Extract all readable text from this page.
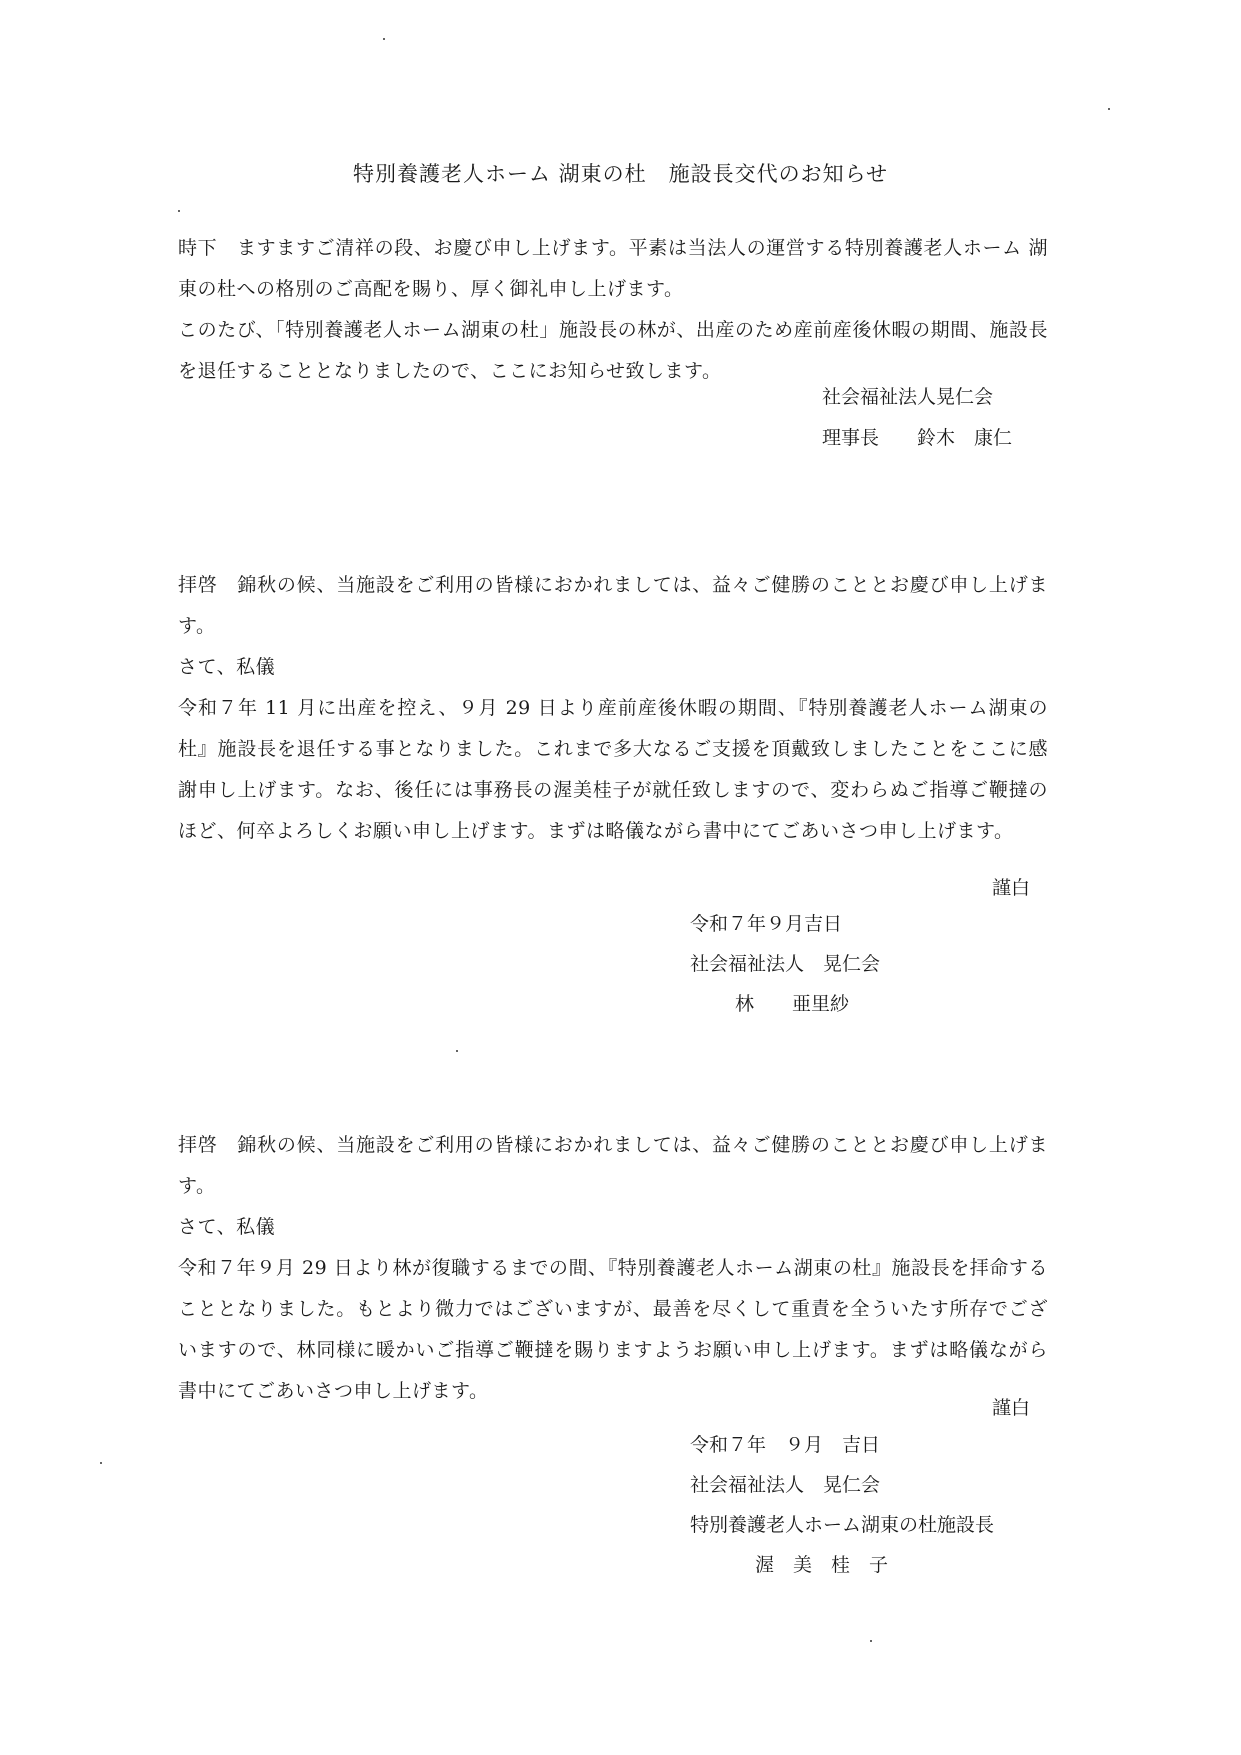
特別養護老人ホーム 湖東の杜　施設長交代のお知らせ

時下　ますますご清祥の段、お慶び申し上げます。平素は当法人の運営する特別養護老人ホーム 湖東の杜への格別のご高配を賜り、厚く御礼申し上げます。

このたび、「特別養護老人ホーム湖東の杜」施設長の林が、出産のため産前産後休暇の期間、施設長を退任することとなりましたので、ここにお知らせ致します。

社会福祉法人晃仁会
理事長　　鈴木　康仁

拝啓　錦秋の候、当施設をご利用の皆様におかれましては、益々ご健勝のこととお慶び申し上げます。

さて、私儀

令和７年 11 月に出産を控え、９月 29 日より産前産後休暇の期間、『特別養護老人ホーム湖東の杜』施設長を退任する事となりました。これまで多大なるご支援を頂戴致しましたことをここに感謝申し上げます。なお、後任には事務長の渥美桂子が就任致しますので、変わらぬご指導ご鞭撻のほど、何卒よろしくお願い申し上げます。まずは略儀ながら書中にてごあいさつ申し上げます。

謹白
令和７年９月吉日
社会福祉法人　晃仁会
林　　亜里紗

拝啓　錦秋の候、当施設をご利用の皆様におかれましては、益々ご健勝のこととお慶び申し上げます。

さて、私儀

令和７年９月 29 日より林が復職するまでの間、『特別養護老人ホーム湖東の杜』施設長を拝命することとなりました。もとより微力ではございますが、最善を尽くして重責を全ういたす所存でございますので、林同様に暖かいご指導ご鞭撻を賜りますようお願い申し上げます。まずは略儀ながら書中にてごあいさつ申し上げます。

謹白
令和７年　９月　吉日
社会福祉法人　晃仁会
特別養護老人ホーム湖東の杜施設長
渥　美　桂　子
